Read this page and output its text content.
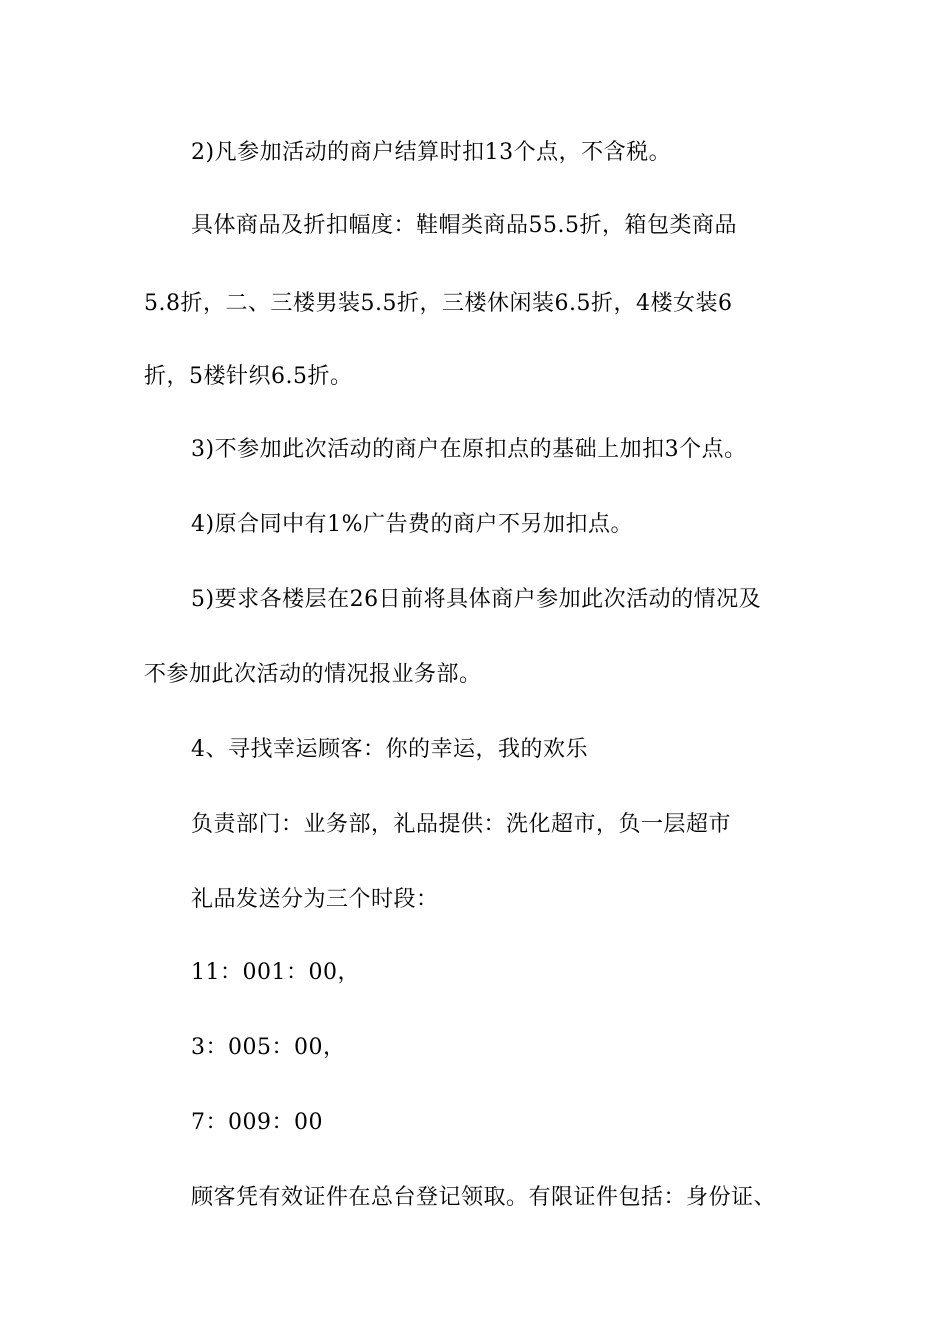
2)凡参加活动的商户结算时扣13个点，不含税。
具体商品及折扣幅度：鞋帽类商品55.5折，箱包类商品
5.8折，二、三楼男装5.5折，三楼休闲装6.5折，4楼女装6
折，5楼针织6.5折。
3)不参加此次活动的商户在原扣点的基础上加扣3个点。
4)原合同中有1%广告费的商户不另加扣点。
5)要求各楼层在26日前将具体商户参加此次活动的情况及
不参加此次活动的情况报业务部。
4、寻找幸运顾客：你的幸运，我的欢乐
负责部门：业务部，礼品提供：洗化超市，负一层超市
礼品发送分为三个时段：
11：001：00，
3：005：00，
7：009：00
顾客凭有效证件在总台登记领取。有限证件包括：身份证、
